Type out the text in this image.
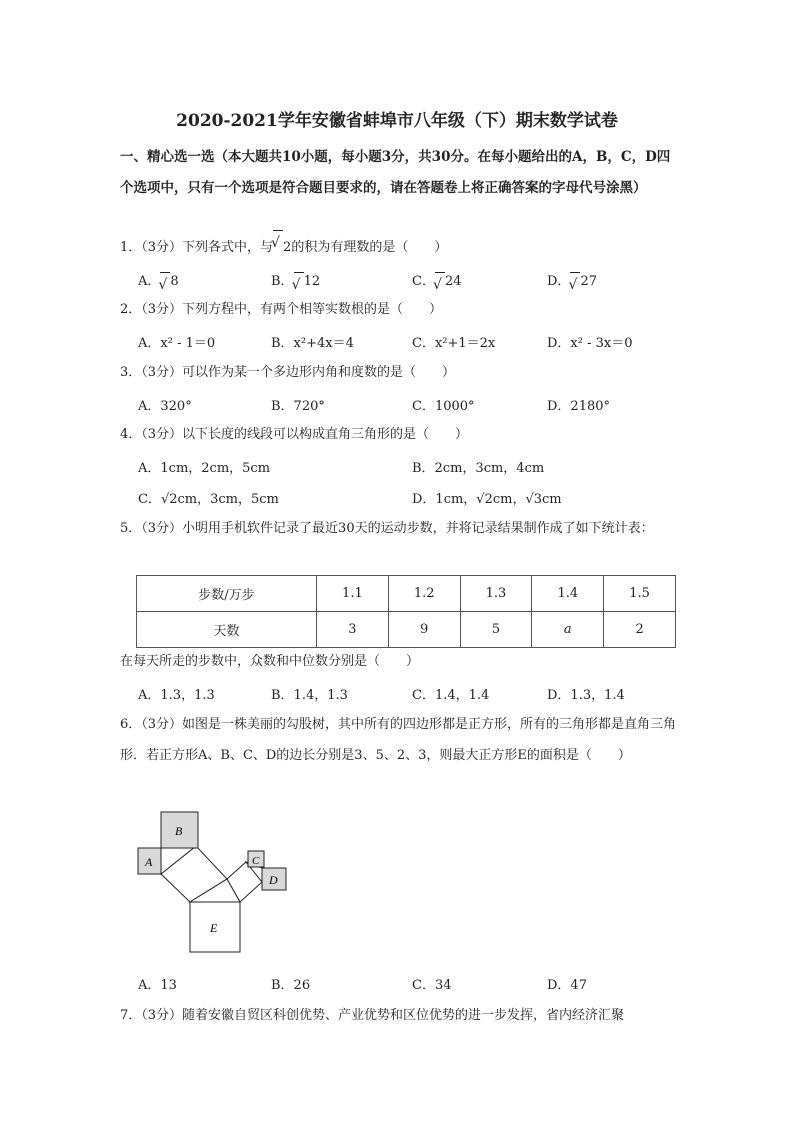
2020-2021学年安徽省蚌埠市八年级（下）期末数学试卷
一、精心选一选（本大题共10小题，每小题3分，共30分。在每小题给出的A，B，C，D四个选项中，只有一个选项是符合题目要求的，请在答题卷上将正确答案的字母代号涂黑）
1．（3分）下列各式中，与
√ 2的积为有理数的是（　　）
A．
√ 8	B．
√ 12	C．
√ 24	D．
√ 27
2．（3分）下列方程中，有两个相等实数根的是（　　）
A．x² - 1＝0	B．x²+4x＝4	C．x²+1＝2x	D．x² - 3x＝0
3．（3分）可以作为某一个多边形内角和度数的是（　　）
A．320°	B．720°	C．1000°	D．2180°
4．（3分）以下长度的线段可以构成直角三角形的是（　　）
A．1cm，2cm，5cm	B．2cm，3cm，4cm
C．√2cm，3cm，5cm	D．1cm，√2cm，√3cm
5．（3分）小明用手机软件记录了最近30天的运动步数，并将记录结果制作成了如下统计表：
步数/万步	1.1	1.2	1.3	1.4	1.5
天数	3	9	5	a	2
在每天所走的步数中，众数和中位数分别是（　　）
A．1.3，1.3	B．1.4，1.3	C．1.4，1.4	D．1.3，1.4
6．（3分）如图是一株美丽的勾股树，其中所有的四边形都是正方形，所有的三角形都是直角三角形．若正方形A、B、C、D的边长分别是3、5、2、3，则最大正方形E的面积是（　　）
B
A	C
D
E
A．13	B．26	C．34	D．47
7．（3分）随着安徽自贸区科创优势、产业优势和区位优势的进一步发挥，省内经济汇聚
